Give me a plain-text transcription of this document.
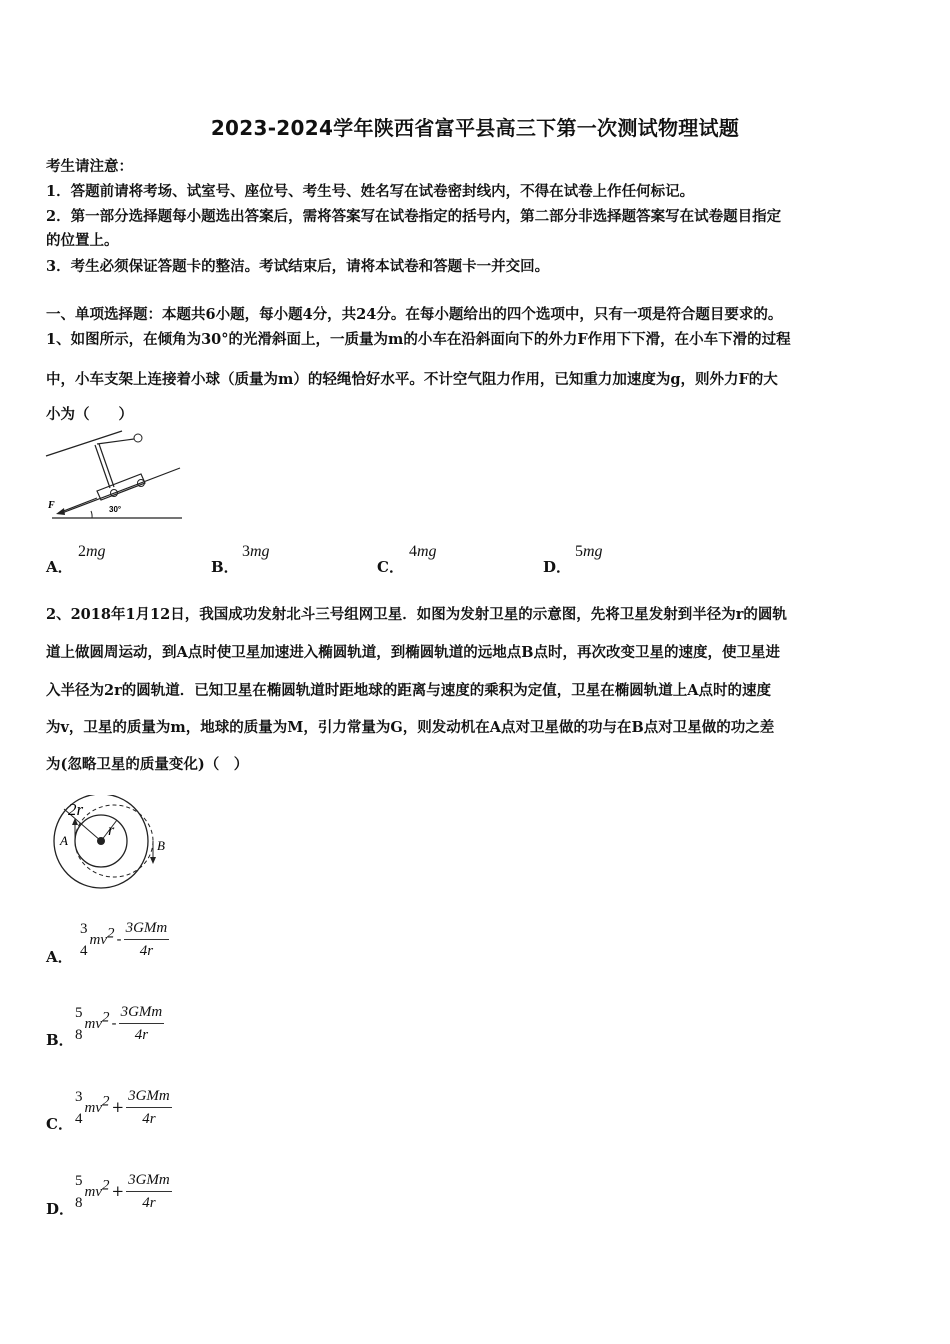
2023-2024学年陕西省富平县高三下第一次测试物理试题
考生请注意：
1．答题前请将考场、试室号、座位号、考生号、姓名写在试卷密封线内，不得在试卷上作任何标记。
2．第一部分选择题每小题选出答案后，需将答案写在试卷指定的括号内，第二部分非选择题答案写在试卷题目指定
的位置上。
3．考生必须保证答题卡的整洁。考试结束后，请将本试卷和答题卡一并交回。
一、单项选择题：本题共6小题，每小题4分，共24分。在每小题给出的四个选项中，只有一项是符合题目要求的。
1、如图所示，在倾角为30°的光滑斜面上，一质量为m的小车在沿斜面向下的外力F作用下下滑，在小车下滑的过程
中，小车支架上连接着小球（质量为m）的轻绳恰好水平。不计空气阻力作用，已知重力加速度为g，则外力F的大
小为（　　）
F	30°
A．
2mg
B．
3mg
C．
4mg
D．
5mg
2、2018年1月12日，我国成功发射北斗三号组网卫星．如图为发射卫星的示意图，先将卫星发射到半径为r的圆轨
道上做圆周运动，到A点时使卫星加速进入椭圆轨道，到椭圆轨道的远地点B点时，再次改变卫星的速度，使卫星进
入半径为2r的圆轨道．已知卫星在椭圆轨道时距地球的距离与速度的乘积为定值，卫星在椭圆轨道上A点时的速度
为v，卫星的质量为m，地球的质量为M，引力常量为G，则发动机在A点对卫星做的功与在B点对卫星做的功之差
为(忽略卫星的质量变化)（　）
2r
r
A	B
A．
3
4
$mv^2 - \frac{\text{3GMm}}{4r}$
B．
5
8
$mv^2 - \frac{\text{3GMm}}{4r}$
C．
3
4
$mv^2 + \frac{\text{3GMm}}{4r}$
D．
5
8
$mv^2 + \frac{\text{3GMm}}{4r}$
